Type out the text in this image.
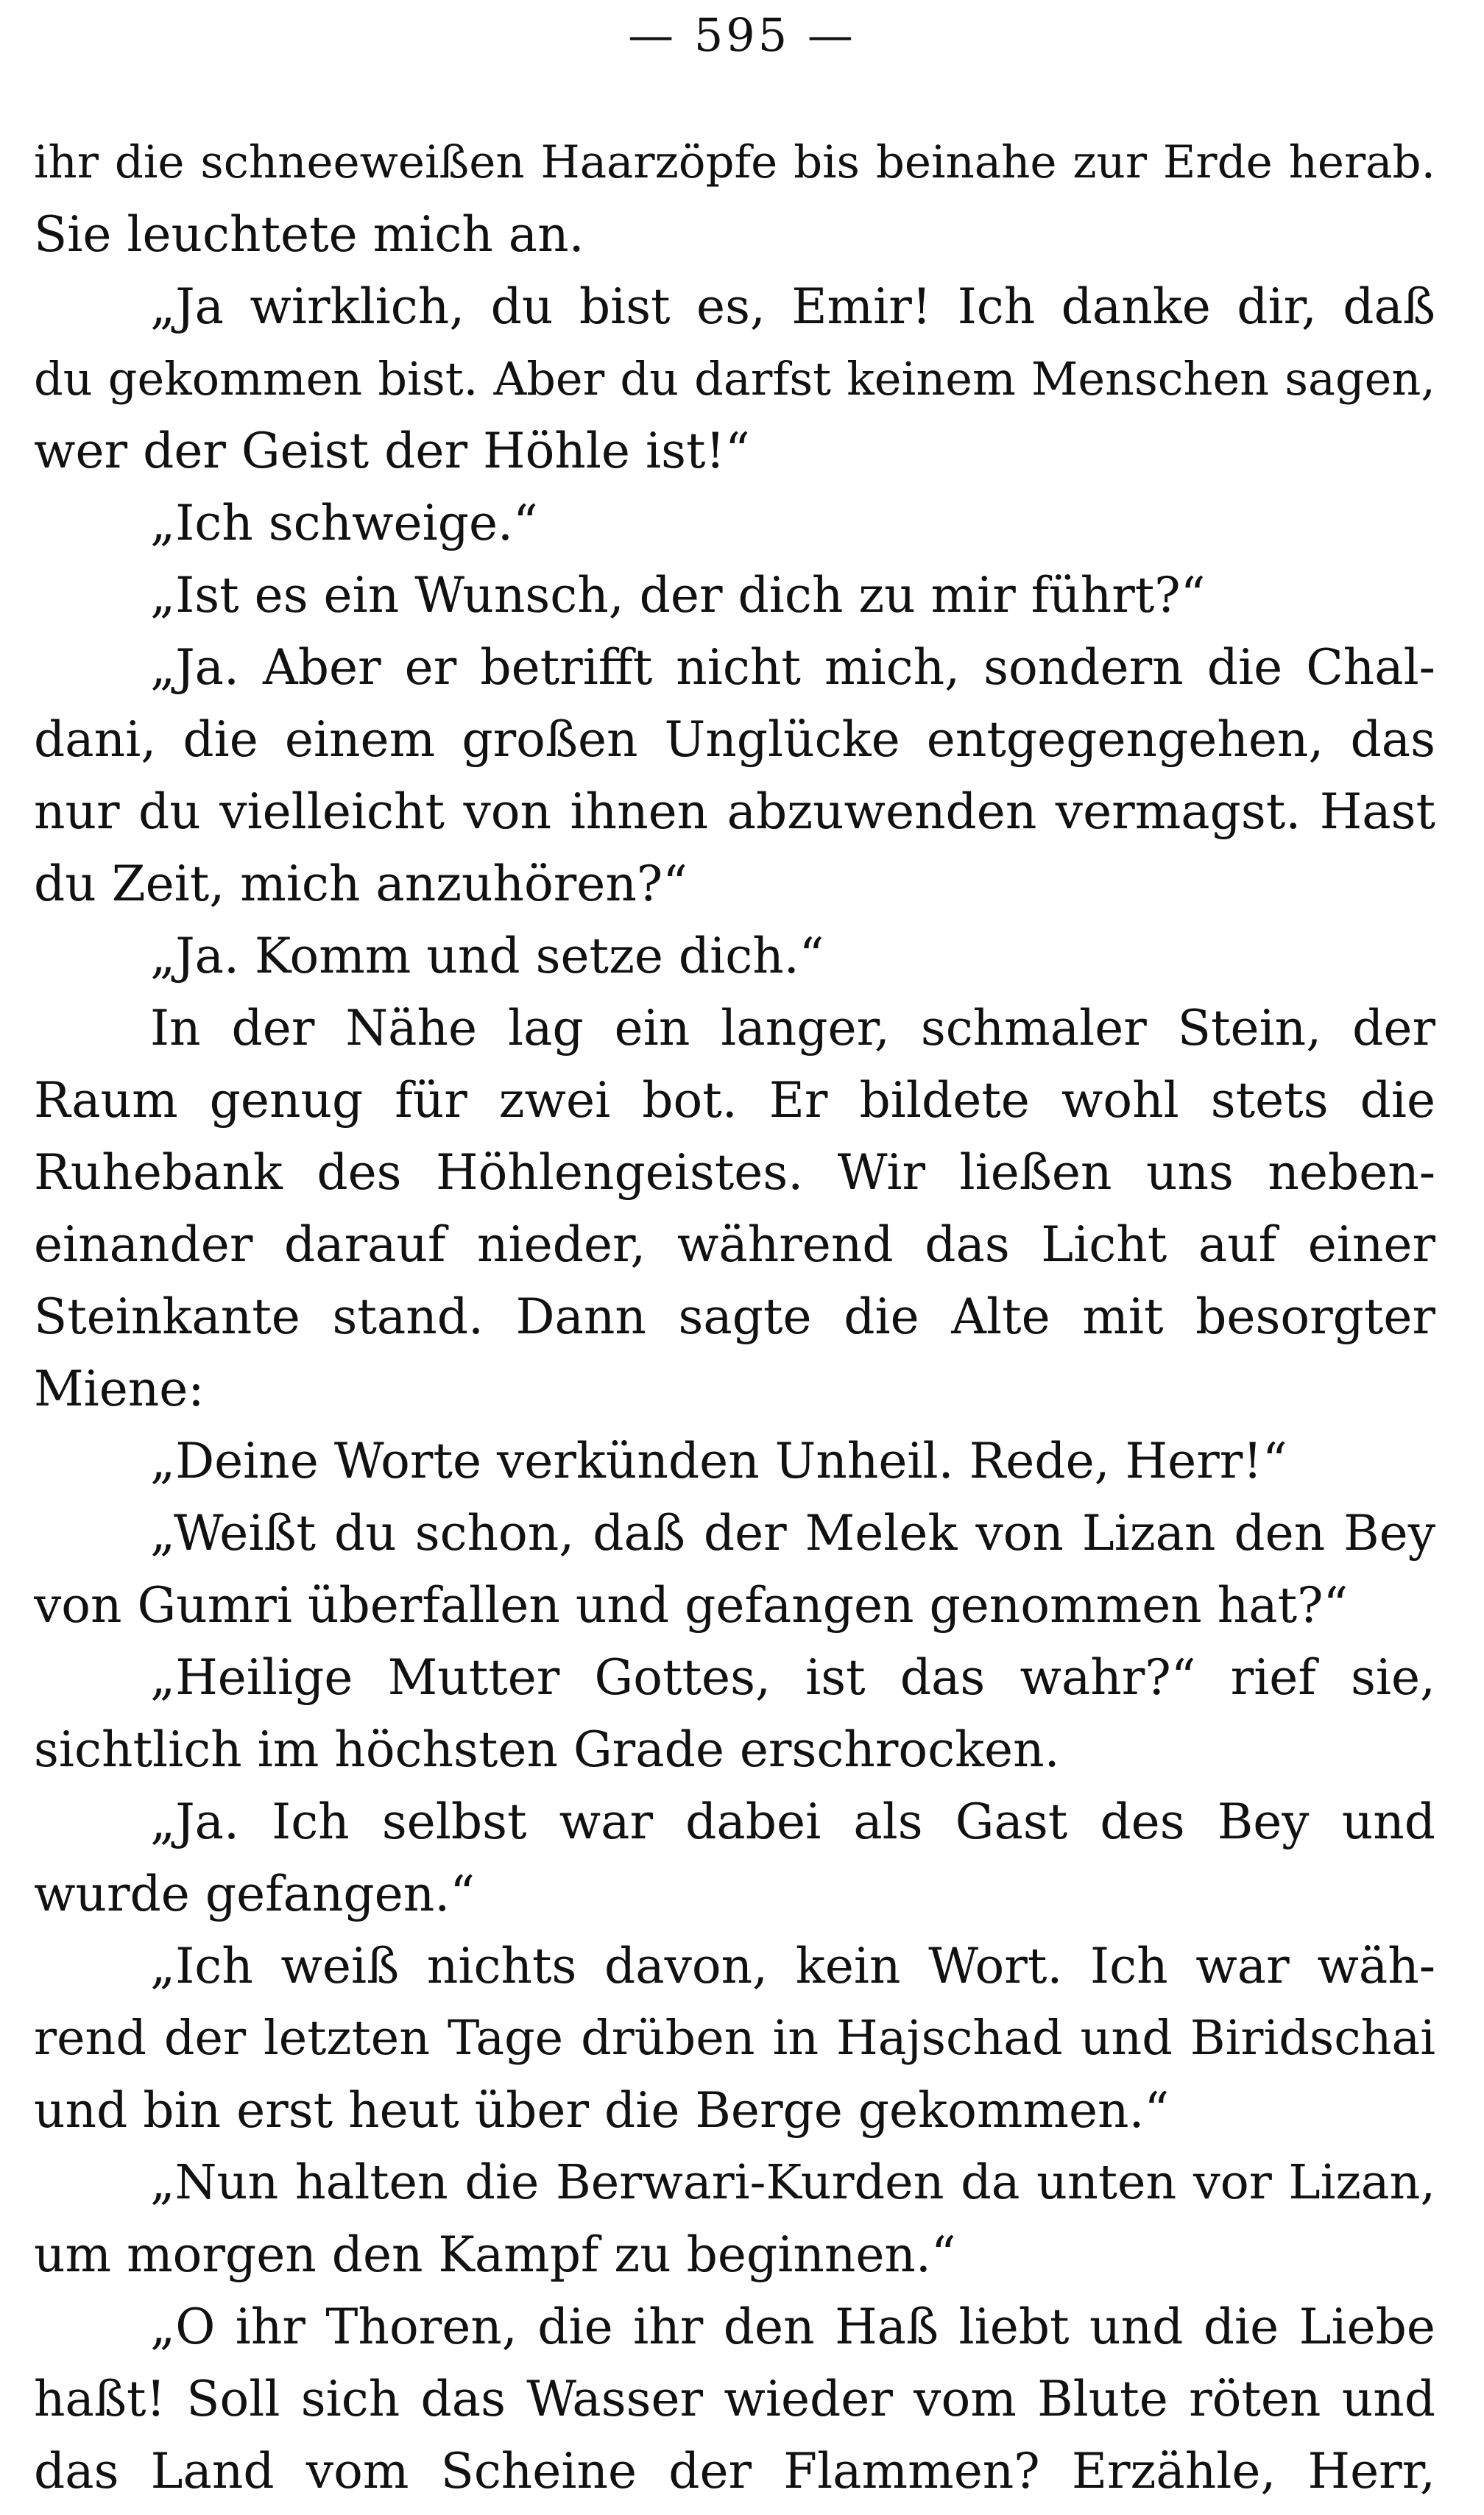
— 595 —
ihr die schneeweißen Haarzöpfe bis beinahe zur Erde herab.
Sie leuchtete mich an.
„Ja wirklich, du bist es, Emir! Ich danke dir, daß
du gekommen bist. Aber du darfst keinem Menschen sagen,
wer der Geist der Höhle ist!“
„Ich schweige.“
„Ist es ein Wunsch, der dich zu mir führt?“
„Ja. Aber er betrifft nicht mich, sondern die Chal-
dani, die einem großen Unglücke entgegengehen, das
nur du vielleicht von ihnen abzuwenden vermagst. Hast
du Zeit, mich anzuhören?“
„Ja. Komm und setze dich.“
In der Nähe lag ein langer, schmaler Stein, der
Raum genug für zwei bot. Er bildete wohl stets die
Ruhebank des Höhlengeistes. Wir ließen uns neben-
einander darauf nieder, während das Licht auf einer
Steinkante stand. Dann sagte die Alte mit besorgter
Miene:
„Deine Worte verkünden Unheil. Rede, Herr!“
„Weißt du schon, daß der Melek von Lizan den Bey
von Gumri überfallen und gefangen genommen hat?“
„Heilige Mutter Gottes, ist das wahr?“ rief sie,
sichtlich im höchsten Grade erschrocken.
„Ja. Ich selbst war dabei als Gast des Bey und
wurde gefangen.“
„Ich weiß nichts davon, kein Wort. Ich war wäh-
rend der letzten Tage drüben in Hajschad und Biridschai
und bin erst heut über die Berge gekommen.“
„Nun halten die Berwari-Kurden da unten vor Lizan,
um morgen den Kampf zu beginnen.“
„O ihr Thoren, die ihr den Haß liebt und die Liebe
haßt! Soll sich das Wasser wieder vom Blute röten und
das Land vom Scheine der Flammen? Erzähle, Herr,
